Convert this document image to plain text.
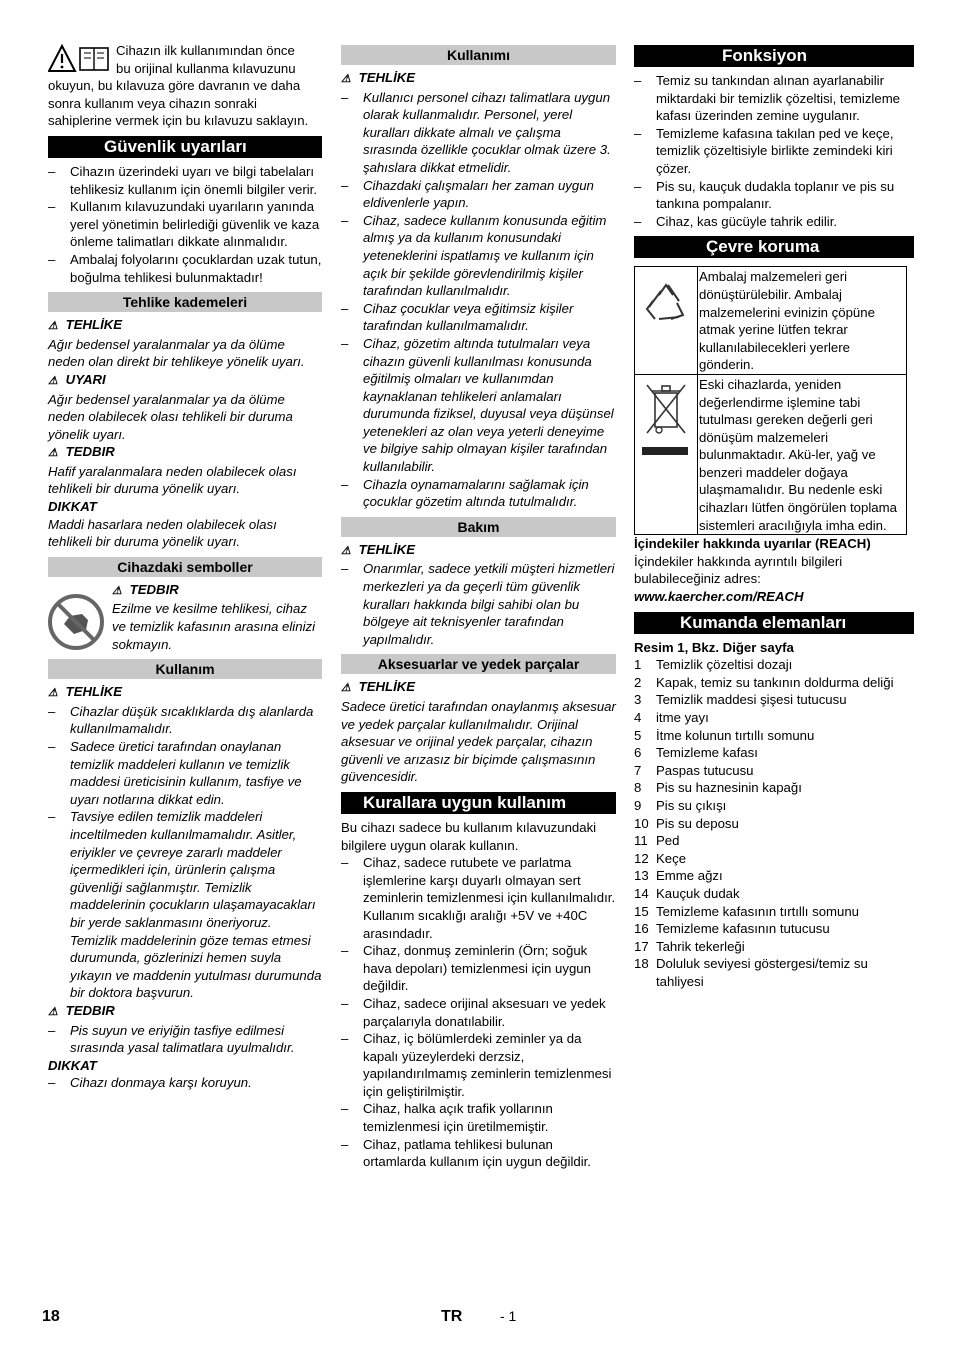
Cihazın ilk kullanımından önce

bu orijinal kullanma kılavuzunu

okuyun, bu kılavuza göre davranın ve daha sonra kullanım veya cihazın sonraki sahiplerine vermek için bu kılavuzu saklayın.

Güvenlik uyarıları
– Cihazın üzerindeki uyarı ve bilgi tabelaları tehlikesiz kullanım için önemli bilgiler verir.
– Kullanım kılavuzundaki uyarıların yanında yerel yönetimin belirlediği güvenlik ve kaza önleme talimatları dikkate alınmalıdır.
– Ambalaj folyolarını çocuklardan uzak tutun, boğulma tehlikesi bulunmaktadır!
Tehlike kademeleri

⚠ TEHLİKE

Ağır bedensel yaralanmalar ya da ölüme neden olan direkt bir tehlikeye yönelik uyarı.

⚠ UYARI

Ağır bedensel yaralanmalar ya da ölüme neden olabilecek olası tehlikeli bir duruma yönelik uyarı.

⚠ TEDBIR

Hafif yaralanmalara neden olabilecek olası tehlikeli bir duruma yönelik uyarı.

DIKKAT

Maddi hasarlara neden olabilecek olası tehlikeli bir duruma yönelik uyarı.

Cihazdaki semboller

⚠ TEDBIR

Ezilme ve kesilme tehlikesi, cihaz ve temizlik kafasının arasına elinizi sokmayın.

Kullanım

⚠ TEHLİKE

– Cihazlar düşük sıcaklıklarda dış alanlarda kullanılmamalıdır.
– Sadece üretici tarafından onaylanan temizlik maddeleri kullanın ve temizlik maddesi üreticisinin kullanım, tasfiye ve uyarı notlarına dikkat edin.
– Tavsiye edilen temizlik maddeleri inceltilmeden kullanılmamalıdır. Asitler, eriyikler ve çevreye zararlı maddeler içermedikleri için, ürünlerin çalışma güvenliği sağlanmıştır. Temizlik maddelerinin çocukların ulaşamayacakları bir yerde saklanmasını öneriyoruz. Temizlik maddelerinin göze temas etmesi durumunda, gözlerinizi hemen suyla yıkayın ve maddenin yutulması durumunda bir doktora başvurun.

⚠ TEDBIR

– Pis suyun ve eriyiğin tasfiye edilmesi sırasında yasal talimatlara uyulmalıdır.

DIKKAT

– Cihazı donmaya karşı koruyun.
Kullanımı

⚠ TEHLİKE

– Kullanıcı personel cihazı talimatlara uygun olarak kullanmalıdır. Personel, yerel kuralları dikkate almalı ve çalışma sırasında özellikle çocuklar olmak üzere 3. şahıslara dikkat etmelidir.
– Cihazdaki çalışmaları her zaman uygun eldivenlerle yapın.
– Cihaz, sadece kullanım konusunda eğitim almış ya da kullanım konusundaki yeteneklerini ispatlamış ve kullanım için açık bir şekilde görevlendirilmiş kişiler tarafından kullanılmalıdır.
– Cihaz çocuklar veya eğitimsiz kişiler tarafından kullanılmamalıdır.
– Cihaz, gözetim altında tutulmaları veya cihazın güvenli kullanılması konusunda eğitilmiş olmaları ve kullanımdan kaynaklanan tehlikeleri anlamaları durumunda fiziksel, duyusal veya düşünsel yetenekleri az olan veya yeterli deneyime ve bilgiye sahip olmayan kişiler tarafından kullanılabilir.
– Cihazla oynamamalarını sağlamak için çocuklar gözetim altında tutulmalıdır.
Bakım

⚠ TEHLİKE

– Onarımlar, sadece yetkili müşteri hizmetleri merkezleri ya da geçerli tüm güvenlik kuralları hakkında bilgi sahibi olan bu bölgeye ait teknisyenler tarafından yapılmalıdır.
Aksesuarlar ve yedek parçalar

⚠ TEHLİKE

Sadece üretici tarafından onaylanmış aksesuar ve yedek parçalar kullanılmalıdır. Orijinal aksesuar ve orijinal yedek parçalar, cihazın güvenli ve arızasız bir biçimde çalışmasının güvencesidir.

Kurallara uygun kullanım

Bu cihazı sadece bu kullanım kılavuzundaki bilgilere uygun olarak kullanın.

– Cihaz, sadece rutubete ve parlatma işlemlerine karşı duyarlı olmayan sert zeminlerin temizlenmesi için kullanılmalıdır.
Kullanım sıcaklığı aralığı +5V ve +40C arasındadır.
– Cihaz, donmuş zeminlerin (Örn; soğuk hava depoları) temizlenmesi için uygun değildir.
– Cihaz, sadece orijinal aksesuarı ve yedek parçalarıyla donatılabilir.
– Cihaz, iç bölümlerdeki zeminler ya da kapalı yüzeylerdeki derzsiz, yapılandırılmamış zeminlerin temizlenmesi için geliştirilmiştir.
– Cihaz, halka açık trafik yollarının temizlenmesi için üretilmemiştir.
– Cihaz, patlama tehlikesi bulunan ortamlarda kullanım için uygun değildir.
Fonksiyon
– Temiz su tankından alınan ayarlanabilir miktardaki bir temizlik çözeltisi, temizleme kafası üzerinden zemine uygulanır.
– Temizleme kafasına takılan ped ve keçe, temizlik çözeltisiyle birlikte zemindeki kiri çözer.
– Pis su, kauçuk dudakla toplanır ve pis su tankına pompalanır.
– Cihaz, kas gücüyle tahrik edilir.
Çevre koruma
	Ambalaj malzemeleri geri dönüştürülebilir. Ambalaj malzemelerini evinizin çöpüne atmak yerine lütfen tekrar kullanılabilecekleri yerlere gönderin.
	Eski cihazlarda, yeniden değerlendirme işlemine tabi tutulması gereken değerli geri dönüşüm malzemeleri bulunmaktadır. Akü-ler, yağ ve benzeri maddeler doğaya ulaşmamalıdır. Bu nedenle eski cihazları lütfen öngörülen toplama sistemleri aracılığıyla imha edin.

İçindekiler hakkında uyarılar (REACH)

İçindekiler hakkında ayrıntılı bilgileri bulabileceğiniz adres:

www.kaercher.com/REACH

Kumanda elemanları

Resim 1, Bkz. Diğer sayfa

1 Temizlik çözeltisi dozajı
2 Kapak, temiz su tankının doldurma deliği
3 Temizlik maddesi şişesi tutucusu
4 itme yayı
5 İtme kolunun tırtıllı somunu
6 Temizleme kafası
7 Paspas tutucusu
8 Pis su haznesinin kapağı
9 Pis su çıkışı
10 Pis su deposu
11 Ped
12 Keçe
13 Emme ağzı
14 Kauçuk dudak
15 Temizleme kafasının tırtıllı somunu
16 Temizleme kafasının tutucusu
17 Tahrik tekerleği
18 Doluluk seviyesi göstergesi/temiz su tahliyesi
18	TR	- 1
